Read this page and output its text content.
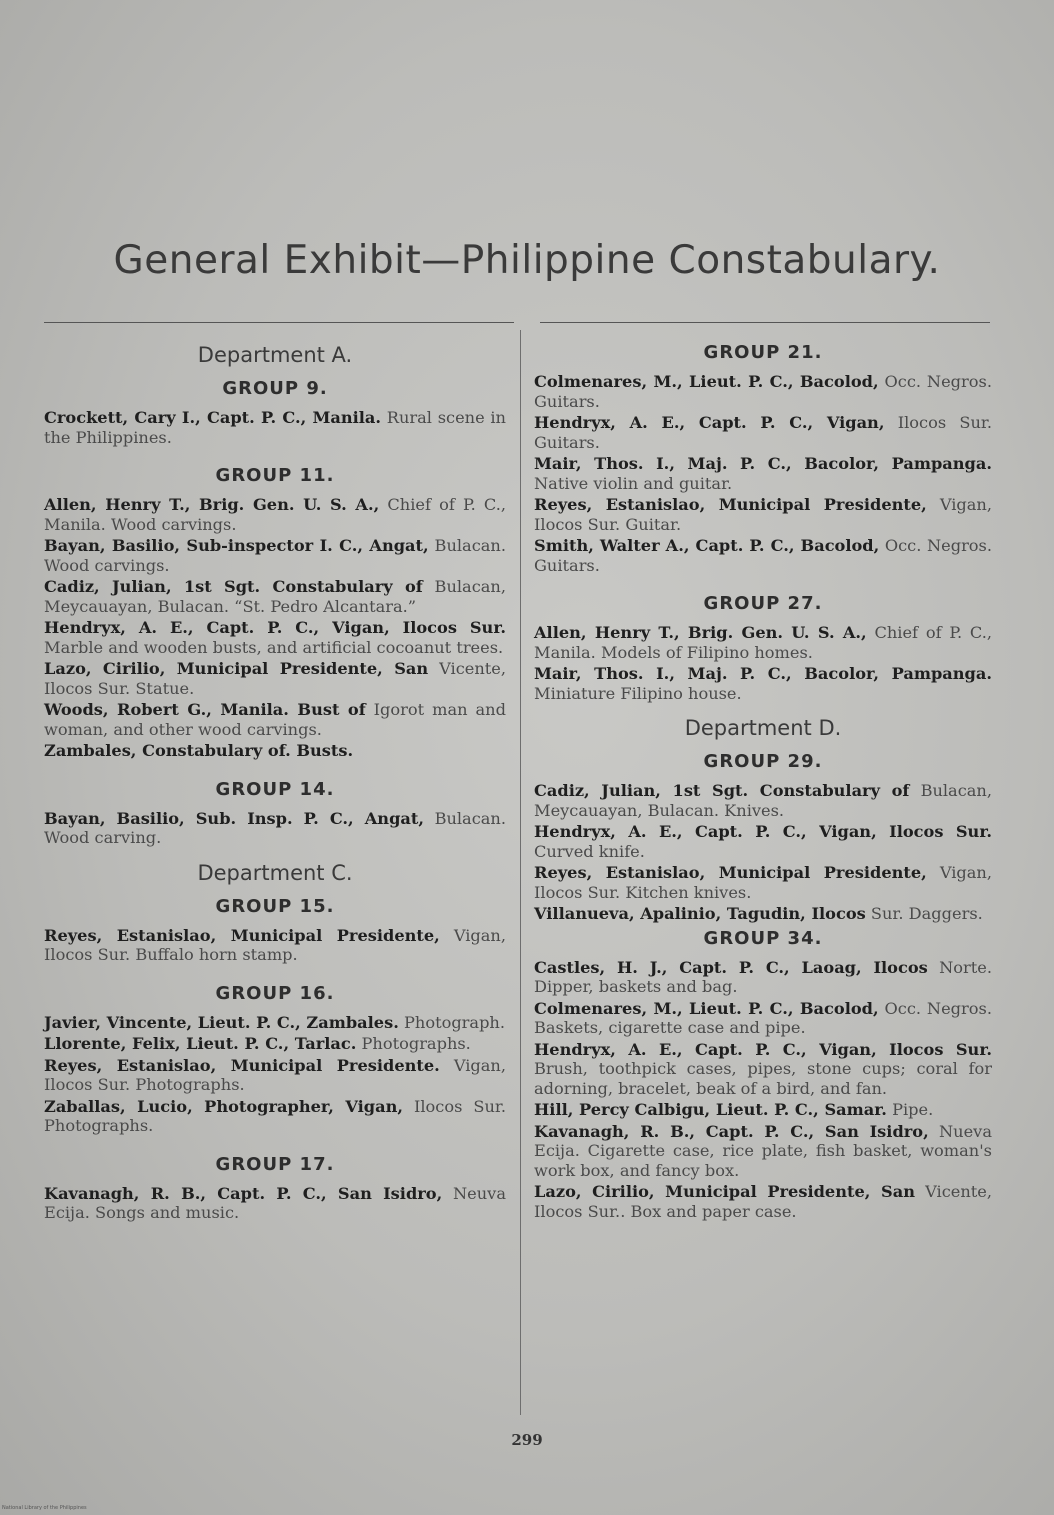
General Exhibit—Philippine Constabulary.
Department A.
GROUP 9.

Crockett, Cary I., Capt. P. C., Manila. Rural scene in the Philippines.

GROUP 11.

Allen, Henry T., Brig. Gen. U. S. A., Chief of P. C., Manila. Wood carvings.

Bayan, Basilio, Sub-inspector I. C., Angat, Bulacan. Wood carvings.

Cadiz, Julian, 1st Sgt. Constabulary of Bulacan, Meycauayan, Bulacan. “St. Pedro Alcantara.”

Hendryx, A. E., Capt. P. C., Vigan, Ilocos Sur. Marble and wooden busts, and artificial cocoanut trees.

Lazo, Cirilio, Municipal Presidente, San Vicente, Ilocos Sur. Statue.

Woods, Robert G., Manila. Bust of Igorot man and woman, and other wood carvings.

Zambales, Constabulary of. Busts.

GROUP 14.

Bayan, Basilio, Sub. Insp. P. C., Angat, Bulacan. Wood carving.

Department C.
GROUP 15.

Reyes, Estanislao, Municipal Presidente, Vigan, Ilocos Sur. Buffalo horn stamp.

GROUP 16.

Javier, Vincente, Lieut. P. C., Zambales. Photograph.

Llorente, Felix, Lieut. P. C., Tarlac. Photographs.

Reyes, Estanislao, Municipal Presidente. Vigan, Ilocos Sur. Photographs.

Zaballas, Lucio, Photographer, Vigan, Ilocos Sur. Photographs.

GROUP 17.

Kavanagh, R. B., Capt. P. C., San Isidro, Neuva Ecija. Songs and music.

GROUP 21.

Colmenares, M., Lieut. P. C., Bacolod, Occ. Negros. Guitars.

Hendryx, A. E., Capt. P. C., Vigan, Ilocos Sur. Guitars.

Mair, Thos. I., Maj. P. C., Bacolor, Pampanga. Native violin and guitar.

Reyes, Estanislao, Municipal Presidente, Vigan, Ilocos Sur. Guitar.

Smith, Walter A., Capt. P. C., Bacolod, Occ. Negros. Guitars.

GROUP 27.

Allen, Henry T., Brig. Gen. U. S. A., Chief of P. C., Manila. Models of Filipino homes.

Mair, Thos. I., Maj. P. C., Bacolor, Pampanga. Miniature Filipino house.

Department D.
GROUP 29.

Cadiz, Julian, 1st Sgt. Constabulary of Bulacan, Meycauayan, Bulacan. Knives.

Hendryx, A. E., Capt. P. C., Vigan, Ilocos Sur. Curved knife.

Reyes, Estanislao, Municipal Presidente, Vigan, Ilocos Sur. Kitchen knives.

Villanueva, Apalinio, Tagudin, Ilocos Sur. Daggers.

GROUP 34.

Castles, H. J., Capt. P. C., Laoag, Ilocos Norte. Dipper, baskets and bag.

Colmenares, M., Lieut. P. C., Bacolod, Occ. Negros. Baskets, cigarette case and pipe.

Hendryx, A. E., Capt. P. C., Vigan, Ilocos Sur. Brush, toothpick cases, pipes, stone cups; coral for adorning, bracelet, beak of a bird, and fan.

Hill, Percy Calbigu, Lieut. P. C., Samar. Pipe.

Kavanagh, R. B., Capt. P. C., San Isidro, Nueva Ecija. Cigarette case, rice plate, fish basket, woman's work box, and fancy box.

Lazo, Cirilio, Municipal Presidente, San Vicente, Ilocos Sur.. Box and paper case.

299
National Library of the Philippines
